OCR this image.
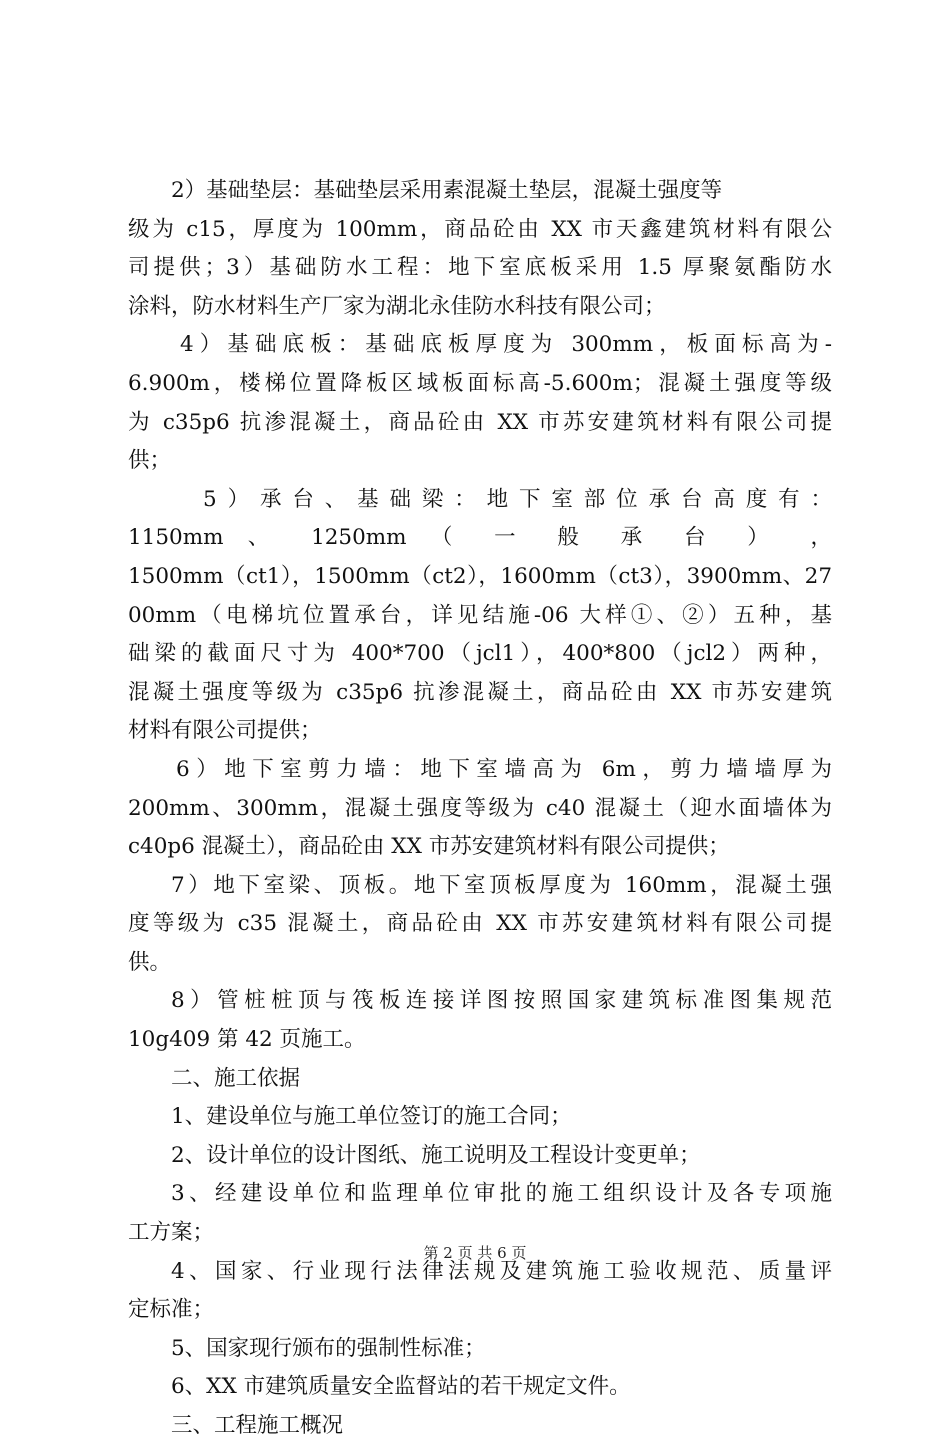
2）基础垫层：基础垫层采用素混凝土垫层，混凝土强度等
级为 c15，厚度为 100mm，商品砼由 XX 市天鑫建筑材料有限公
司提供；3）基础防水工程：地下室底板采用 1.5 厚聚氨酯防水
涂料，防水材料生产厂家为湖北永佳防水科技有限公司；
4）基础底板：基础底板厚度为 300mm，板面标高为-
6.900m，楼梯位置降板区域板面标高-5.600m；混凝土强度等级
为 c35p6 抗渗混凝土，商品砼由 XX 市苏安建筑材料有限公司提
供；
5）承台、基础梁：地下室部位承台高度有：
1150mm 、 1250mm （ 一 般 承 台 ） ，
1500mm（ct1），1500mm（ct2），1600mm（ct3），3900mm、27
00mm（电梯坑位置承台，详见结施-06 大样①、②）五种，基
础梁的截面尺寸为 400*700（jcl1），400*800（jcl2）两种，
混凝土强度等级为 c35p6 抗渗混凝土，商品砼由 XX 市苏安建筑
材料有限公司提供；
6）地下室剪力墙：地下室墙高为 6m，剪力墙墙厚为
200mm、300mm，混凝土强度等级为 c40 混凝土（迎水面墙体为
c40p6 混凝土），商品砼由 XX 市苏安建筑材料有限公司提供；
7）地下室梁、顶板。地下室顶板厚度为 160mm，混凝土强
度等级为 c35 混凝土，商品砼由 XX 市苏安建筑材料有限公司提
供。
8）管桩桩顶与筏板连接详图按照国家建筑标准图集规范
10g409 第 42 页施工。
二、施工依据
1、建设单位与施工单位签订的施工合同；
2、设计单位的设计图纸、施工说明及工程设计变更单；
3、经建设单位和监理单位审批的施工组织设计及各专项施
工方案；
4、国家、行业现行法律法规及建筑施工验收规范、质量评
定标准；
5、国家现行颁布的强制性标准；
6、XX 市建筑质量安全监督站的若干规定文件。
三、工程施工概况
第 2 页 共 6 页
